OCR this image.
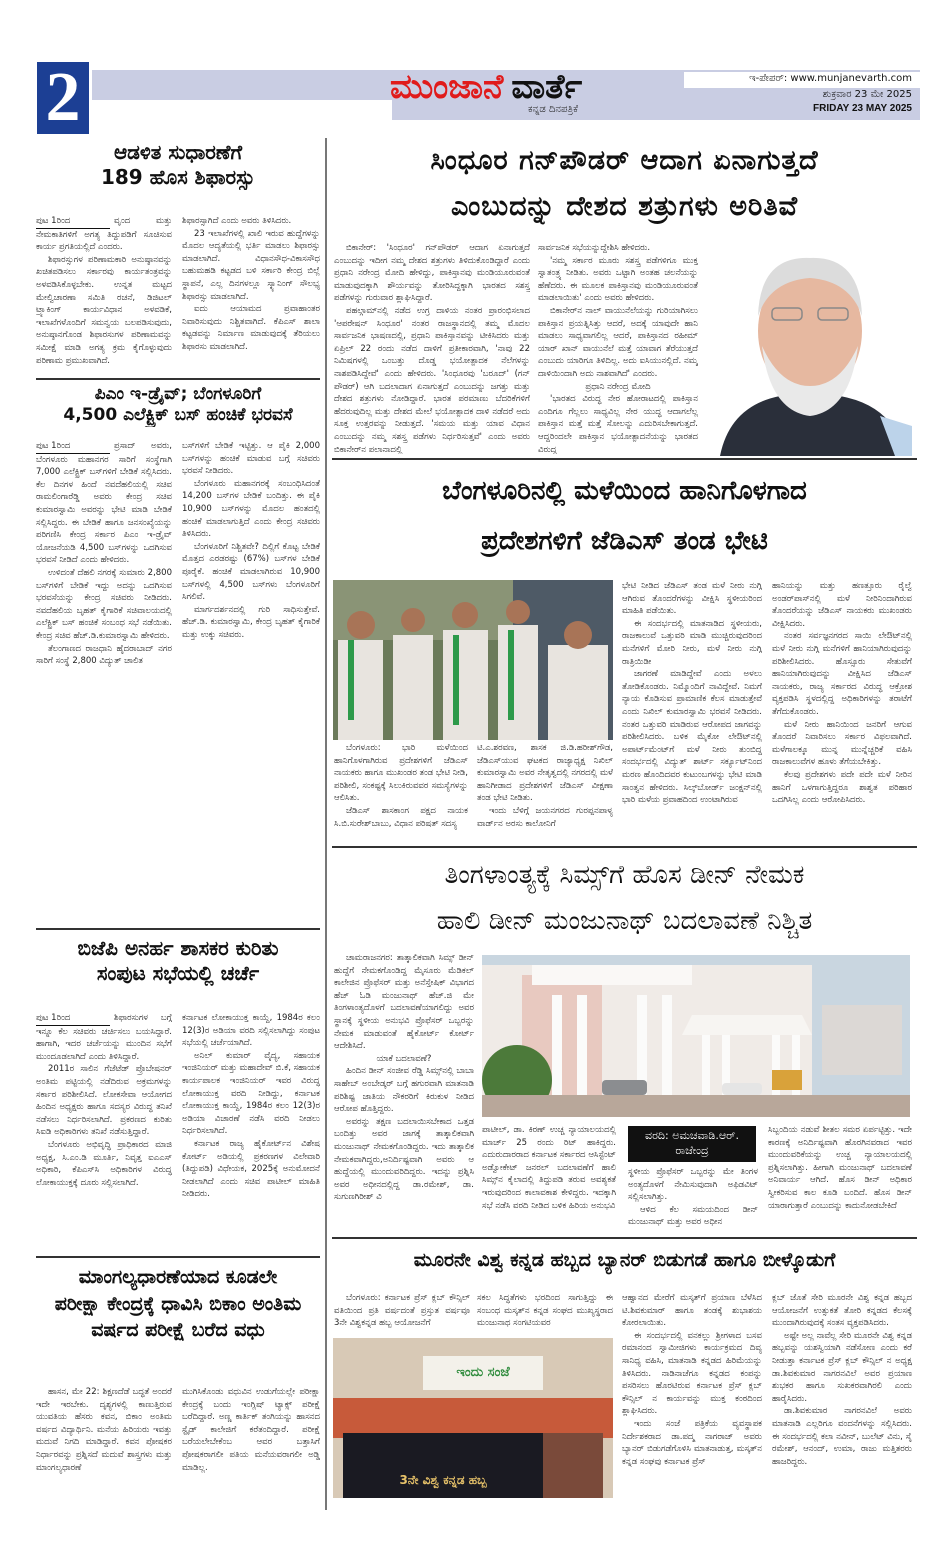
2	ಮುಂಜಾನೆ ವಾರ್ತೆ
ಕನ್ನಡ ದಿನಪತ್ರಿಕೆ
ಇ-ಪೇಪರ್: www.munjanevarth.com
ಶುಕ್ರವಾರ 23 ಮೇ 2025
FRIDAY 23 MAY 2025
ಆಡಳಿತ ಸುಧಾರಣೆಗೆ
189 ಹೊಸ ಶಿಫಾರಸ್ಸು

ಪುಟ 1ರಿಂದ	ವೃಂದ ಮತ್ತು ನೇಮಕಾತಿಗಳಿಗೆ ಅಗತ್ಯ ತಿದ್ದುಪಡಿಗೆ ಸೂಚಿಸುವ ಕಾರ್ಯ ಪ್ರಗತಿಯಲ್ಲಿದೆ ಎಂದರು.

ಶಿಫಾರಸ್ಸುಗಳ ಪರಿಣಾಮಕಾರಿ ಅನುಷ್ಠಾನವನ್ನು ಖಚಿತಪಡಿಸಲು ಸರ್ಕಾರವು ಕಾರ್ಯತಂತ್ರವನ್ನು ಅಳವಡಿಸಿಕೊಳ್ಳಬೇಕು. ಉನ್ನತ ಮಟ್ಟದ ಮೇಲ್ವಿಚಾರಣಾ ಸಮಿತಿ ರಚನೆ, ಡಿಜಿಟಲ್ ಟ್ರ್ಯಾಕಿಂಗ್ ಕಾರ್ಯವಿಧಾನ ಅಳವಡಿಕೆ, ಇಲಾಖೆಗಳೊಂದಿಗೆ ಸಮನ್ವಯ ಬಲಪಡಿಸುವುದು, ಅನುಷ್ಠಾನಗೊಂಡ ಶಿಫಾರಸುಗಳ ಪರಿಣಾಮವನ್ನು ಸಮೀಕ್ಷೆ ಮಾಡಿ ಅಗತ್ಯ ಕ್ರಮ ಕೈಗೊಳ್ಳುವುದು ಪರಿಣಾಮ ಪ್ರಮುಖವಾಗಿದೆ.

ಶಿಫಾರಸ್ಸಾಗಿದೆ ಎಂದು ಅವರು ತಿಳಿಸಿದರು.

23 ಇಲಾಖೆಗಳಲ್ಲಿ ಖಾಲಿ ಇರುವ ಹುದ್ದೆಗಳನ್ನು ಮೊದಲ ಆದ್ಯತೆಯಲ್ಲಿ ಭರ್ತಿ ಮಾಡಲು ಶಿಫಾರಸ್ಸು ಮಾಡಲಾಗಿದೆ. ವಿಧಾನಸೌಧ-ವಿಕಾಸಸೌಧ ಬಹುಮಹಡಿ ಕಟ್ಟಡದ ಬಳಿ ಸರ್ಕಾರಿ ಕೇಂದ್ರ ಬಿಲ್ಲೆ ಸ್ಥಾಪನೆ, ಎಲ್ಲ ದಿನಗಳಲ್ಲೂ ಸ್ಕ್ಯಾನಿಂಗ್ ಸೌಲಭ್ಯ ಶಿಫಾರಸ್ಸು ಮಾಡಲಾಗಿದೆ.

ಐದು ಆಯಾಮದ ಪ್ರವಾಹಾಂತರ ನಿವಾರಿಸುವುದು ನಿಶ್ಚಿತವಾಗಿದೆ. ಕೆಪಿಎಸ್ ಶಾಲಾ ಕಟ್ಟಡವನ್ನು ನಿರ್ಮಾಣ ಮಾಡುವುದಕ್ಕೆ ತೆರಿಯಲು ಶಿಫಾರಸು ಮಾಡಲಾಗಿದೆ.

ಪಿಎಂ ಇ-ಡ್ರೈವ್; ಬೆಂಗಳೂರಿಗೆ
4,500 ಎಲೆಕ್ಟ್ರಿಕ್ ಬಸ್ ಹಂಚಿಕೆ ಭರವಸೆ

ಪುಟ 1ರಿಂದ	ಪ್ರಸಾದ್ ಅವರು, ಬೆಂಗಳೂರು ಮಹಾನಗರ ಸಾರಿಗೆ ಸಂಸ್ಥೆಗಾಗಿ 7,000 ಎಲೆಕ್ಟ್ರಿಕ್ ಬಸ್‌ಗಳಿಗೆ ಬೇಡಿಕೆ ಸಲ್ಲಿಸಿದರು. ಕೆಲ ದಿನಗಳ ಹಿಂದೆ ನವದೆಹಲಿಯಲ್ಲಿ ಸಚಿವ ರಾಮಲಿಂಗಾರೆಡ್ಡಿ ಅವರು ಕೇಂದ್ರ ಸಚಿವ ಕುಮಾರಸ್ವಾಮಿ ಅವರನ್ನು ಭೇಟಿ ಮಾಡಿ ಬೇಡಿಕೆ ಸಲ್ಲಿಸಿದ್ದರು. ಈ ಬೇಡಿಕೆ ಹಾಗೂ ಜನಸಂಖ್ಯೆಯನ್ನು ಪರಿಗಣಿಸಿ ಕೇಂದ್ರ ಸರ್ಕಾರ ಪಿಎಂ ಇ-ಡ್ರೈವ್ ಯೋಜನೆಯಡಿ 4,500 ಬಸ್‌ಗಳನ್ನು ಒದಗಿಸುವ ಭರವಸೆ ನೀಡಿದೆ ಎಂದು ಹೇಳಿದರು.

ಉಳಿದಂತೆ ದೆಹಲಿ ನಗರಕ್ಕೆ ಸುಮಾರು 2,800 ಬಸ್‌ಗಳಿಗೆ ಬೇಡಿಕೆ ಇದ್ದು ಅದನ್ನು ಒದಗಿಸುವ ಭರವಸೆಯನ್ನು ಕೇಂದ್ರ ಸಚಿವರು ನೀಡಿದರು. ನವದೆಹಲಿಯ ಬೃಹತ್ ಕೈಗಾರಿಕೆ ಸಚಿವಾಲಯದಲ್ಲಿ ಎಲೆಕ್ಟ್ರಿಕ್ ಬಸ್ ಹಂಚಿಕೆ ಸಂಬಂಧ ಸಭೆ ನಡೆಯಿತು. ಕೇಂದ್ರ ಸಚಿವ ಹೆಚ್.ಡಿ.ಕುಮಾರಸ್ವಾಮಿ ಹೇಳಿದರು.

ತೆಲಂಗಾಣದ ರಾಜಧಾನಿ ಹೈದರಾಬಾದ್ ನಗರ ಸಾರಿಗೆ ಸಂಸ್ಥೆ 2,800 ವಿದ್ಯುತ್ ಚಾಲಿತ

ಬಸ್‌ಗಳಿಗೆ ಬೇಡಿಕೆ ಇಟ್ಟಿತ್ತು. ಆ ಪೈಕಿ 2,000 ಬಸ್‌ಗಳನ್ನು ಹಂಚಿಕೆ ಮಾಡುವ ಬಗ್ಗೆ ಸಚಿವರು ಭರವಸೆ ನೀಡಿದರು.

ಬೆಂಗಳೂರು ಮಹಾನಗರಕ್ಕೆ ಸಂಬಂಧಿಸಿದಂತೆ 14,200 ಬಸ್‌ಗಳ ಬೇಡಿಕೆ ಬಂದಿತ್ತು. ಈ ಪೈಕಿ 10,900 ಬಸ್‌ಗಳನ್ನು ಮೊದಲ ಹಂತದಲ್ಲಿ ಹಂಚಿಕೆ ಮಾಡಲಾಗುತ್ತಿದೆ ಎಂದು ಕೇಂದ್ರ ಸಚಿವರು ತಿಳಿಸಿದರು.

ಬೆಂಗಳೂರಿಗೆ ನಿಶ್ಚಿತವೇ? ದಿಲ್ಲಿಗೆ ಕೊಟ್ಟ ಬೇಡಿಕೆ ಮೊತ್ತದ ಎರಡರಷ್ಟು (67%) ಬಸ್‌ಗಳ ಬೇಡಿಕೆ ಪೂರೈಕೆ. ಹಂಚಿಕೆ ಮಾಡಲಾಗಿರುವ 10,900 ಬಸ್‌ಗಳಲ್ಲಿ 4,500 ಬಸ್‌ಗಳು ಬೆಂಗಳೂರಿಗೆ ಸಿಗಲಿವೆ.

ಮಾರ್ಗದರ್ಶನದಲ್ಲಿ ಗುರಿ ಸಾಧಿಸುತ್ತೇವೆ. ಹೆಚ್.ಡಿ. ಕುಮಾರಸ್ವಾಮಿ, ಕೇಂದ್ರ ಬೃಹತ್ ಕೈಗಾರಿಕೆ ಮತ್ತು ಉಕ್ಕು ಸಚಿವರು.

ಬಿಜೆಪಿ ಅನರ್ಹ ಶಾಸಕರ ಕುರಿತು
ಸಂಪುಟ ಸಭೆಯಲ್ಲಿ ಚರ್ಚೆ

ಪುಟ 1ರಿಂದ	ಶಿಫಾರಸುಗಳ ಬಗ್ಗೆ ಇನ್ನೂ ಕೆಲ ಸಚಿವರು ಚರ್ಚಿಸಲು ಬಯಸಿದ್ದಾರೆ. ಹಾಗಾಗಿ, ಇದರ ಚರ್ಚೆಯನ್ನು ಮುಂದಿನ ಸಭೆಗೆ ಮುಂದೂಡಲಾಗಿದೆ ಎಂದು ತಿಳಿಸಿದ್ದಾರೆ.

2011ರ ಸಾಲಿನ ಗೆಜೆಟೆಡ್ ಪ್ರೊಬೇಷನರ್ ಅಂತಿಮ ಪಟ್ಟಿಯಲ್ಲಿ ನಡೆದಿರುವ ಅಕ್ರಮಗಳನ್ನು ಸರ್ಕಾರ ಪರಿಶೀಲಿಸಿದೆ. ಲೋಕಸೇವಾ ಆಯೋಗದ ಹಿಂದಿನ ಅಧ್ಯಕ್ಷರು ಹಾಗೂ ಸದಸ್ಯರ ವಿರುದ್ಧ ತನಿಖೆ ನಡೆಸಲು ನಿರ್ಧರಿಸಲಾಗಿದೆ. ಪ್ರಕರಣದ ಕುರಿತು ಸಿಐಡಿ ಅಧಿಕಾರಿಗಳು ತನಿಖೆ ನಡೆಸುತ್ತಿದ್ದಾರೆ.

ಬೆಂಗಳೂರು ಅಭಿವೃದ್ಧಿ ಪ್ರಾಧಿಕಾರದ ಮಾಜಿ ಅಧ್ಯಕ್ಷ, ಸಿ.ಎಂ.ಡಿ ಮೂರ್ತಿ, ನಿವೃತ್ತ ಐಎಎಸ್ ಅಧಿಕಾರಿ, ಕೆಪಿಎಸ್‌ಸಿ ಅಧಿಕಾರಿಗಳ ವಿರುದ್ಧ ಲೋಕಾಯುಕ್ತಕ್ಕೆ ದೂರು ಸಲ್ಲಿಸಲಾಗಿದೆ.

ಕರ್ನಾಟಕ ಲೋಕಾಯುಕ್ತ ಕಾಯ್ದೆ, 1984ರ ಕಲಂ 12(3)ರ ಅಡಿಯಾ ವರದಿ ಸಲ್ಲಿಸಲಾಗಿದ್ದು ಸಂಪುಟ ಸಭೆಯಲ್ಲಿ ಚರ್ಚೆಯಾಗಿದೆ.

ಅನಿಲ್ ಕುಮಾರ್ ವೈದ್ಯ, ಸಹಾಯಕ ಇಂಜಿನಿಯರ್ ಮತ್ತು ಮಹಾದೇವ್ ಬಿ.ಕೆ, ಸಹಾಯಕ ಕಾರ್ಯಪಾಲಕ ಇಂಜಿನಿಯರ್ ಇವರ ವಿರುದ್ಧ ಲೋಕಾಯುಕ್ತ ವರದಿ ನೀಡಿದ್ದು, ಕರ್ನಾಟಕ ಲೋಕಾಯುಕ್ತ ಕಾಯ್ದೆ, 1984ರ ಕಲಂ 12(3)ರ ಅಡಿಯಾ ವಿಚಾರಣೆ ನಡೆಸಿ ವರದಿ ನೀಡಲು ನಿರ್ಧರಿಸಲಾಗಿದೆ.

ಕರ್ನಾಟಕ ರಾಜ್ಯ ಹೈಕೋರ್ಟ್‌ನ ವಿಶೇಷ ಕೋರ್ಟ್ ಅಡಿಯಲ್ಲಿ ಪ್ರಕರಣಗಳ ವಿಲೇವಾರಿ (ತಿದ್ದುಪಡಿ) ವಿಧೇಯಕ, 2025ಕ್ಕೆ ಅನುಮೋದನೆ ನೀಡಲಾಗಿದೆ ಎಂದು ಸಚಿವ ಪಾಟೀಲ್ ಮಾಹಿತಿ ನೀಡಿದರು.

ಮಾಂಗಲ್ಯಧಾರಣೆಯಾದ ಕೂಡಲೇ
ಪರೀಕ್ಷಾ ಕೇಂದ್ರಕ್ಕೆ ಧಾವಿಸಿ ಬಿಕಾಂ ಅಂತಿಮ
ವರ್ಷದ ಪರೀಕ್ಷೆ ಬರೆದ ವಧು

ಹಾಸನ, ಮೇ 22: ಶಿಕ್ಷಣದೆಡೆ ಬದ್ಧತೆ ಅಂದರೆ ಇದೇ ಇರಬೇಕು. ದೃಶ್ಯಗಳಲ್ಲಿ ಕಾಣುತ್ತಿರುವ ಯುವತಿಯ ಹೆಸರು ಕವನ, ಬಿಕಾಂ ಅಂತಿಮ ವರ್ಷದ ವಿದ್ಯಾರ್ಥಿನಿ. ಮನೆಯ ಹಿರಿಯರು ಇವತ್ತು ಮದುವೆ ನಿಗದಿ ಮಾಡಿದ್ದಾರೆ. ಕವನ ಪೋಷಕರ ನಿರ್ಧಾರವನ್ನು ಪ್ರಶ್ನಿಸದೆ ಮದುವೆ ಶಾಸ್ತ್ರಗಳು ಮತ್ತು ಮಾಂಗಲ್ಯಧಾರಣೆ

ಮುಗಿಸಿಕೊಂಡು ವಧುವಿನ ಉಡುಗೆಯಲ್ಲೇ ಪರೀಕ್ಷಾ ಕೇಂದ್ರಕ್ಕೆ ಬಂದು ಇಂಗ್ಲಿಷ್ ಟ್ಯಾಕ್ಸ್ ಪರೀಕ್ಷೆ ಬರೆದಿದ್ದಾರೆ. ಅಣ್ಣ ಕಾರ್ತಿಕ್ ತಂಗಿಯನ್ನು ಹಾಸನದ ಸ್ಟೈಡ್ ಕಾಲೇಜಿಗೆ ಕರೆತಂದಿದ್ದಾರೆ. ಪರೀಕ್ಷೆ ಬರೆಯಲೇಬೇಕೆಂಬ ಆವರ ಬತ್ತಾಸಿಗೆ ಪೋಷಕರಾಗಲೀ ಪತಿಯ ಮನೆಯವರಾಗಲೀ ಅಡ್ಡಿ ಮಾಡಿಲ್ಲ.

ಸಿಂಧೂರ ಗನ್‌ಪೌಡರ್ ಆದಾಗ ಏನಾಗುತ್ತದೆ
ಎಂಬುದನ್ನು ದೇಶದ ಶತ್ರುಗಳು ಅರಿತಿವೆ

ಬಿಕಾನೇರ್: 'ಸಿಂಧೂರ' ಗನ್‌ಪೌಡರ್ ಆದಾಗ ಏನಾಗುತ್ತದೆ ಎಂಬುದನ್ನು ಇದೀಗ ನಮ್ಮ ದೇಶದ ಶತ್ರುಗಳು ತಿಳಿದುಕೊಂಡಿದ್ದಾರೆ ಎಂದು ಪ್ರಧಾನಿ ನರೇಂದ್ರ ಮೋದಿ ಹೇಳಿದ್ದು, ಪಾಕಿಸ್ತಾನವು ಮಂಡಿಯೂರುವಂತೆ ಮಾಡುವುದಕ್ಕಾಗಿ ಶೌರ್ಯವನ್ನು ತೋರಿಸಿದ್ದಕ್ಕಾಗಿ ಭಾರತದ ಸಶಸ್ತ್ರ ಪಡೆಗಳನ್ನು ಗುರುವಾರ ಶ್ಲಾಘಿಸಿದ್ದಾರೆ.

ಪಹಲ್ಗಾಮ್‌ನಲ್ಲಿ ನಡೆದ ಉಗ್ರ ದಾಳಿಯ ನಂತರ ಪ್ರಾರಂಭಿಸಲಾದ 'ಆಪರೇಷನ್ ಸಿಂಧೂರ' ನಂತರ ರಾಜಸ್ಥಾನದಲ್ಲಿ ತಮ್ಮ ಮೊದಲ ಸಾರ್ವಜನಿಕ ಭಾಷಣದಲ್ಲಿ, ಪ್ರಧಾನಿ ಪಾಕಿಸ್ತಾನವನ್ನು ಟೀಕಿಸಿದರು ಮತ್ತು ಏಪ್ರಿಲ್ 22 ರಂದು ನಡೆದ ದಾಳಿಗೆ ಪ್ರತೀಕಾರವಾಗಿ, 'ನಾವು 22 ನಿಮಿಷಗಳಲ್ಲಿ ಒಂಬತ್ತು ದೊಡ್ಡ ಭಯೋತ್ಪಾದಕ ನೆಲೆಗಳನ್ನು ನಾಶಪಡಿಸಿದ್ದೇವೆ' ಎಂದು ಹೇಳಿದರು. 'ಸಿಂಧೂರವು 'ಬರೂದ್' (ಗನ್ ಪೌಡರ್) ಆಗಿ ಬದಲಾದಾಗ ಏನಾಗುತ್ತದೆ ಎಂಬುದನ್ನು ಜಗತ್ತು ಮತ್ತು ದೇಶದ ಶತ್ರುಗಳು ನೋಡಿದ್ದಾರೆ. ಭಾರತ ಪರಮಾಣು ಬೆದರಿಕೆಗಳಿಗೆ ಹೆದರುವುದಿಲ್ಲ ಮತ್ತು ದೇಶದ ಮೇಲೆ ಭಯೋತ್ಪಾದಕ ದಾಳಿ ನಡೆದರೆ ಅದು ಸೂಕ್ತ ಉತ್ತರವನ್ನು ನೀಡುತ್ತದೆ. 'ಸಮಯ ಮತ್ತು ಯಾವ ವಿಧಾನ ಎಂಬುದನ್ನು ನಮ್ಮ ಸಶಸ್ತ್ರ ಪಡೆಗಳು ನಿರ್ಧರಿಸುತ್ತವೆ' ಎಂದು ಅವರು ಬಿಕಾನೇರ್‌ನ ಪಲಾನಾದಲ್ಲಿ

ಸಾರ್ವಜನಿಕ ಸಭೆಯನ್ನುದ್ದೇಶಿಸಿ ಹೇಳಿದರು.

'ನಮ್ಮ ಸರ್ಕಾರ ಮೂರು ಸಶಸ್ತ್ರ ಪಡೆಗಳಿಗೂ ಮುಕ್ತ ಸ್ವಾತಂತ್ರ್ಯ ನೀಡಿತು. ಅವರು ಒಟ್ಟಾಗಿ ಅಂತಹ ಚಲನೆಯನ್ನು ಹೆಣೆದರು. ಈ ಮೂಲಕ ಪಾಕಿಸ್ತಾನವು ಮಂಡಿಯೂರುವಂತೆ ಮಾಡಲಾಯಿತು' ಎಂದು ಅವರು ಹೇಳಿದರು.

ಬಿಕಾನೇರ್‌ನ ನಾಲ್ ವಾಯುನೆಲೆಯನ್ನು ಗುರಿಯಾಗಿಸಲು ಪಾಕಿಸ್ತಾನ ಪ್ರಯತ್ನಿಸಿತ್ತು ಆದರೆ, ಅದಕ್ಕೆ ಯಾವುದೇ ಹಾನಿ ಮಾಡಲು ಸಾಧ್ಯವಾಗಲಿಲ್ಲ ಆದರೆ, ಪಾಕಿಸ್ತಾನದ ರಹೀಮ್ ಯಾರ್ ಖಾನ್ ವಾಯುನೆಲೆ ಮತ್ತೆ ಯಾವಾಗ ತೆರೆಯುತ್ತದೆ ಎಂಬುದು ಯಾರಿಗೂ ತಿಳಿದಿಲ್ಲ. ಅದು ಐಸಿಯುನಲ್ಲಿದೆ. ನಮ್ಮ ದಾಳಿಯಿಂದಾಗಿ ಅದು ನಾಶವಾಗಿದೆ' ಎಂದರು.

ಪ್ರಧಾನಿ ನರೇಂದ್ರ ಮೋದಿ

'ಭಾರತದ ವಿರುದ್ಧ ನೇರ ಹೋರಾಟದಲ್ಲಿ ಪಾಕಿಸ್ತಾನ ಎಂದಿಗೂ ಗೆಲ್ಲಲು ಸಾಧ್ಯವಿಲ್ಲ ನೇರ ಯುದ್ಧ ಆದಾಗಲೆಲ್ಲ ಪಾಕಿಸ್ತಾನ ಮತ್ತೆ ಮತ್ತೆ ಸೋಲನ್ನು ಎದುರಿಸಬೇಕಾಗುತ್ತದೆ. ಆದ್ದರಿಂದಲೇ ಪಾಕಿಸ್ತಾನ ಭಯೋತ್ಪಾದನೆಯನ್ನು ಭಾರತದ ವಿರುದ್ಧ

ಬೆಂಗಳೂರಿನಲ್ಲಿ ಮಳೆಯಿಂದ ಹಾನಿಗೊಳಗಾದ
ಪ್ರದೇಶಗಳಿಗೆ ಜೆಡಿಎಸ್ ತಂಡ ಭೇಟಿ

ಬೆಂಗಳೂರು: ಭಾರಿ ಮಳೆಯಿಂದ ಹಾನಿಗೊಳಗಾಗಿರುವ ಪ್ರದೇಶಗಳಿಗೆ ಜೆಡಿಎಸ್ ನಾಯಕರು ಹಾಗೂ ಮುಖಂಡರ ತಂಡ ಭೇಟಿ ನೀಡಿ, ಪರಿಶೀಲಿ, ಸಂಕಷ್ಟಕ್ಕೆ ಸಿಲುಕಿರುವವರ ಸಮಸ್ಯೆಗಳನ್ನು ಆಲಿಸಿತು.

ಜೆಡಿಎಸ್ ಶಾಸಕಾಂಗ ಪಕ್ಷದ ನಾಯಕ ಸಿ.ಬಿ.ಸುರೇಶ್‌ಬಾಬು, ವಿಧಾನ ಪರಿಷತ್ ಸದಸ್ಯ

ಟಿ.ಎ.ಶರವಣ, ಶಾಸಕ ಜಿ.ಡಿ.ಹರೀಶ್‌ಗೌಡ, ಜೆಡಿಎಸ್‌ಯುವ ಘಟಕದ ರಾಜ್ಯಾಧ್ಯಕ್ಷ ನಿಖಿಲ್ ಕುಮಾರಸ್ವಾಮಿ ಅವರ ನೇತೃತ್ವದಲ್ಲಿ ನಗರದಲ್ಲಿ ಮಳೆ ಹಾನಿಗೀಡಾದ ಪ್ರದೇಶಗಳಿಗೆ ಜೆಡಿಎಸ್ ವೀಕ್ಷಣಾ ತಂಡ ಭೇಟಿ ನೀಡಿತು.

ಇಂದು ಬೆಳಿಗ್ಗೆ ಜಯನಗರದ ಗುರಪ್ಪನಪಾಳ್ಯ ವಾರ್ಡ್‌ನ ಅರಸು ಕಾಲೋನಿಗೆ

ಭೇಟಿ ನೀಡಿದ ಜೆಡಿಎಸ್ ತಂಡ ಮಳೆ ನೀರು ನುಗ್ಗಿ ಆಗಿರುವ ತೊಂದರೆಗಳನ್ನು ವೀಕ್ಷಿಸಿ ಸ್ಥಳೀಯರಿಂದ ಮಾಹಿತಿ ಪಡೆಯಿತು.

ಈ ಸಂದರ್ಭದಲ್ಲಿ ಮಾತನಾಡಿದ ಸ್ಥಳೀಯರು, ರಾಜಕಾಲುವೆ ಒತ್ತುವರಿ ಮಾಡಿ ಮುಚ್ಚಿರುವುದರಿಂದ ಮನೆಗಳಿಗೆ ಮೋರಿ ನೀರು, ಮಳೆ ನೀರು ನುಗ್ಗಿ ರಾತ್ರಿಯಿಡೀ

ಜಾಗರಣೆ ಮಾಡಿದ್ದೇವೆ ಎಂದು ಅಳಲು ತೋಡಿಕೊಂಡರು. ನಿಮ್ಮೊಂದಿಗೆ ನಾವಿದ್ದೇವೆ. ನಿಮಗೆ ನ್ಯಾಯ ಕೊಡಿಸುವ ಪ್ರಾಮಾಣಿಕ ಕೆಲಸ ಮಾಡುತ್ತೇವೆ ಎಂದು ನಿಖಿಲ್ ಕುಮಾರಸ್ವಾಮಿ ಭರವಸೆ ನೀಡಿದರು. ನಂತರ ಒತ್ತುವರಿ ಮಾಡಿರುವ ಆರೋಪದ ಜಾಗವನ್ನು ಪರಿಶೀಲಿಸಿದರು. ಬಳಿಕ ಮೈಕೋ ಲೇಔಟ್‌ನಲ್ಲಿ ಅಪಾರ್ಟ್‌ಮೆಂಟ್‌ಗೆ ಮಳೆ ನೀರು ತುಂಬಿದ್ದ ಸಂದರ್ಭದಲ್ಲಿ ವಿದ್ಯುತ್ ಶಾರ್ಟ್ ಸರ್ಕ್ಯೂಟ್‌ನಿಂದ ಮರಣ ಹೊಂದಿದವರ ಕುಟುಂಬಗಳನ್ನು ಭೇಟಿ ಮಾಡಿ ಸಾಂತ್ವನ ಹೇಳಿದರು. ಸಿಲ್ಕ್‌ಬೋರ್ಡ್ ಜಂಕ್ಷನ್‌ನಲ್ಲಿ ಭಾರಿ ಮಳೆಯ ಪ್ರವಾಹದಿಂದ ಉಂಟಾಗಿರುವ

ಹಾನಿಯನ್ನು ಮತ್ತು ಹಣತ್ತೂರು ರೈಲ್ವೆ ಅಂಡರ್‌ಪಾಸ್‌ನಲ್ಲಿ ಮಳೆ ನೀರಿನಿಂದಾಗಿರುವ ತೊಂದರೆಯನ್ನು ಜೆಡಿಎಸ್ ನಾಯಕರು ಮುಖಂಡರು ವೀಕ್ಷಿಸಿದರು.

ನಂತರ ಸರ್ವಜ್ಞನಗರದ ಸಾಯಿ ಲೇಔಟ್‌ನಲ್ಲಿ ಮಳೆ ನೀರು ನುಗ್ಗಿ ಮನೆಗಳಿಗೆ ಹಾನಿಯಾಗಿರುವುದನ್ನು ಪರಿಶೀಲಿಸಿದರು. ಹೊಸ್ಸೂರು ಸೇತುವೆಗೆ ಹಾನಿಯಾಗಿರುವುದನ್ನು ವೀಕ್ಷಿಸಿದ ಜೆಡಿಎಸ್ ನಾಯಕರು, ರಾಜ್ಯ ಸರ್ಕಾರದ ವಿರುದ್ಧ ಆಕ್ರೋಶ ವ್ಯಕ್ತಪಡಿಸಿ ಸ್ಥಳದಲ್ಲಿದ್ದ ಅಧಿಕಾರಿಗಳನ್ನು ತರಾಟೆಗೆ ತೆಗೆದುಕೊಂಡರು.

ಮಳೆ ನೀರು ಹಾನಿಯಿಂದ ಜನರಿಗೆ ಆಗುವ ತೊಂದರೆ ನಿವಾರಿಸಲು ಸರ್ಕಾರ ವಿಫಲವಾಗಿದೆ. ಮಳೆಗಾಲಕ್ಕೂ ಮುನ್ನ ಮುನ್ನೆಚ್ಚರಿಕೆ ವಹಿಸಿ ರಾಜಕಾಲುವೆಗಳ ಹೂಳು ತೆಗೆಯಬೇಕಿತ್ತು.

ಕೆಲವು ಪ್ರದೇಶಗಳು ಪದೇ ಪದೇ ಮಳೆ ನೀರಿನ ಹಾನಿಗೆ ಒಳಗಾಗುತ್ತಿದ್ದರೂ ಶಾಶ್ವತ ಪರಿಹಾರ ಒದಗಿಸಿಲ್ಲ ಎಂದು ಆರೋಪಿಸಿದರು.

ತಿಂಗಳಾಂತ್ಯಕ್ಕೆ ಸಿಮ್ಸ್‌ಗೆ ಹೊಸ ಡೀನ್ ನೇಮಕ
ಹಾಲಿ ಡೀನ್ ಮಂಜುನಾಥ್ ಬದಲಾವಣೆ ನಿಶ್ಚಿತ

ಚಾಮರಾಜನಗರ: ತಾತ್ಕಾಲಿಕವಾಗಿ ಸಿಮ್ಸ್ ಡೀನ್ ಹುದ್ದೆಗೆ ನೇಮಕಗೊಂಡಿದ್ದ ಮೈಸೂರು ಮೆಡಿಕಲ್ ಕಾಲೇಜಿನ ಪ್ರೊಫೆಸರ್ ಮತ್ತು ಅನೆಸ್ತೇಷಿಕ್ ವಿಭಾಗದ ಹೆಚ್ ಓಡಿ ಮಂಜುನಾಥ್ ಹೆಚ್.ಜಿ ಮೇ ತಿಂಗಳಾಂತ್ಯದೊಳಗೆ ಬದಲಾವಣೆಯಾಗಲಿದ್ದು ಅವರ ಸ್ಥಾನಕ್ಕೆ ಸ್ಥಳೀಯ ಅನುಭವಿ ಪ್ರೊಫೆಸರ್ ಒಬ್ಬರನ್ನು ನೇಮಕ ಮಾಡುವಂತೆ ಹೈಕೋರ್ಟ್ ಕೋರ್ಟ್ ಆದೇಶಿಸಿದೆ.

ಯಾಕೆ ಬದಲಾವಣೆ?

ಹಿಂದಿನ ಡೀನ್ ಸಂಜೀವ ರೆಡ್ಡಿ ಸಿಮ್ಸ್‌ನಲ್ಲಿ ಬಾಬಾ ಸಾಹೇಬ್ ಅಂಬೇಡ್ಕರ್ ಬಗ್ಗೆ ಹಗುರವಾಗಿ ಮಾತನಾಡಿ ಪರಿಶಿಷ್ಟ ಜಾತಿಯ ನೌಕರರಿಗೆ ಕಿರುಕುಳ ನೀಡಿದ ಆರೋಪ ಹೊತ್ತಿದ್ದರು.

ಅವರನ್ನು ತಕ್ಷಣ ಬದಲಾಯಿಸಬೇಕಾದ ಒತ್ತಡ ಬಂದಿತ್ತು ಅವರ ಜಾಗಕ್ಕೆ ತಾತ್ಕಾಲಿಕವಾಗಿ ಮಂಜುನಾಥ್ ನೇಮಕಗೊಂಡಿದ್ದರು. ಇದು ತಾತ್ಕಾಲಿಕ ನೇಮಕವಾಗಿದ್ದರು,ಅನಿರ್ದಿಷ್ಟವಾಗಿ ಅವರು ಆ ಹುದ್ದೆಯಲ್ಲಿ ಮುಂದುವರಿದಿದ್ದರು. ಇದನ್ನು ಪ್ರಶ್ನಿಸಿ ಅವರ ಅಧೀನದಲ್ಲಿದ್ದ ಡಾ.ರಮೇಶ್, ಡಾ. ಸುಗುಣಗಿರೀಶ್ ವಿ

ಪಾಟೀಲ್, ಡಾ. ಕಿರಣ್ ಉಚ್ಚ ನ್ಯಾಯಾಲಯದಲ್ಲಿ ಮಾರ್ಚ್ 25 ರಂದು ರಿಟ್ ಹಾಕಿದ್ದರು. ಎದುರುದಾರರಾದ ಕರ್ನಾಟಕ ಸರ್ಕಾರದ ಆಸಿಸ್ಟೆಂಟ್ ಅಡ್ವೋಕೇಟ್ ಜನರಲ್ ಬದಲಾವಣೆಗೆ ಹಾಲಿ ಸಿಮ್ಸ್‌ನ ಕೈಲಾದಲ್ಲಿ ತಿದ್ದುಪಡಿ ತರುವ ಅವಶ್ಯಕತೆ ಇರುವುದರಿಂದ ಕಾಲಾವಕಾಶ ಕೇಳಿದ್ದರು. ಇದಕ್ಕಾಗಿ ಸಭೆ ನಡೆಸಿ ವರದಿ ನೀಡಿದ ಬಳಿಕ ಹಿರಿಯ ಅನುಭವಿ

ವರದಿ: ಅಮಚವಾಡಿ.ಆರ್. ರಾಜೇಂದ್ರ

ಸ್ಥಳೀಯ ಪ್ರೊಫೆಸರ್ ಒಬ್ಬರನ್ನು ಮೇ ತಿಂಗಳ ಅಂತ್ಯದೊಳಗೆ ನೇಮಿಸುವುದಾಗಿ ಅಫಿಡವಿಟ್ ಸಲ್ಲಿಸಲಾಗಿತ್ತು.

ಆಳಿದ ಕೆಲ ಸಮಯದಿಂದ ಡೀನ್ ಮಂಜುನಾಥ್ ಮತ್ತು ಅವರ ಅಧೀನ

ಸಿಬ್ಬಂದಿಯ ನಡುವೆ ಶೀತಲ ಸಮರ ಏರ್ಪಟ್ಟಿತ್ತು. ಇದೇ ಕಾರಣಕ್ಕೆ ಅನಿರ್ದಿಷ್ಟವಾಗಿ ಹೊರಗಿನವರಾದ ಇವರ ಮುಂದುವರಿಕೆಯನ್ನು ಉಚ್ಚ ನ್ಯಾಯಾಲಯದಲ್ಲಿ ಪ್ರಶ್ನಿಸಲಾಗಿತ್ತು. ಹೀಗಾಗಿ ಮಂಜುನಾಥ್ ಬದಲಾವಣೆ ಅನಿವಾರ್ಯ ಆಗಿದೆ. ಹೊಸ ಡೀನ್ ಅಧಿಕಾರ ಸ್ವೀಕರಿಸುವ ಕಾಲ ಕೂಡಿ ಬಂದಿದೆ. ಹೊಸ ಡೀನ್ ಯಾರಾಗುತ್ತಾರೆ ಎಂಬುದನ್ನು ಕಾದುನೋಡಬೇಕಿದೆ

ಮೂರನೇ ವಿಶ್ವ ಕನ್ನಡ ಹಬ್ಬದ ಬ್ಯಾನರ್ ಬಿಡುಗಡೆ ಹಾಗೂ ಬೀಳ್ಕೊಡುಗೆ

ಬೆಂಗಳೂರು: ಕರ್ನಾಟಕ ಪ್ರೆಸ್ ಕ್ಲಬ್ ಕೌನ್ಸಿಲ್ ವತಿಯಿಂದ ಪ್ರತಿ ವರ್ಷದಂತೆ ಪ್ರಸ್ತುತ ವರ್ಷವೂ 3ನೇ ವಿಶ್ವಕನ್ನಡ ಹಬ್ಬ ಆಯೋಜನೆಗೆ

ಸಕಲ ಸಿದ್ಧತೆಗಳು ಭರದಿಂದ ಸಾಗುತ್ತಿದ್ದು ಈ ಸಂಬಂಧ ಮಸ್ಕತ್‌ನ ಕನ್ನಡ ಸಂಘದ ಮುಖ್ಯಸ್ಥರಾದ ಮಂಜುನಾಥ ಸಂಗಟಿಯವರ

ಇಂದು ಸಂಜೆ
3ನೇ ವಿಶ್ವ ಕನ್ನಡ ಹಬ್ಬ

ಆಹ್ವಾನದ ಮೇರೆಗೆ ಮಸ್ಕತ್‌ಗೆ ಪ್ರಯಾಣ ಬೆಳೆಸಿದ ಟಿ.ಶಿವಕುಮಾರ್ ಹಾಗೂ ತಂಡಕ್ಕೆ ಶುಭಾಶಯ ಕೋರಲಾಯಿತು.

ಈ ಸಂದರ್ಭದಲ್ಲಿ ವನಕಲ್ಲು ಶ್ರೀಗಳಾದ ಬಸವ ರಮಾನಂದ ಸ್ವಾಮೀಜಿಗಳು ಕಾರ್ಯಕ್ರಮದ ದಿವ್ಯ ಸಾನಿಧ್ಯ ವಹಿಸಿ, ಮಾತನಾಡಿ ಕನ್ನಡದ ಹಿರಿಮೆಯನ್ನು ತಿಳಿಸಿದರು. ನಾಡಿನಾಚೆಗೂ ಕನ್ನಡದ ಕಂಪನ್ನು ಪಸರಿಸಲು ಹೊರಟಿರುವ ಕರ್ನಾಟಕ ಪ್ರೆಸ್ ಕ್ಲಬ್ ಕೌನ್ಸಿಲ್ ನ ಕಾರ್ಯವನ್ನು ಮುಕ್ತ ಕಂಠದಿಂದ ಶ್ಲಾಘಿಸಿದರು.

ಇಂದು ಸಂಜೆ ಪತ್ರಿಕೆಯ ವ್ಯವಸ್ಥಾಪಕ ನಿರ್ದೇಶಕರಾದ ಡಾ.ಪದ್ಮ ನಾಗರಾಜ್ ಅವರು ಬ್ಯಾನರ್ ಬಿಡುಗಡೆಗೊಳಿಸಿ ಮಾತನಾಡುತ್ತ, ಮಸ್ಕತ್‌ನ ಕನ್ನಡ ಸಂಘವು ಕರ್ನಾಟಕ ಪ್ರೆಸ್

ಕ್ಲಬ್ ಜೊತೆ ಸೇರಿ ಮೂರನೇ ವಿಶ್ವ ಕನ್ನಡ ಹಬ್ಬದ ಆಯೋಜನೆಗೆ ಉತ್ಸುಕತೆ ತೋರಿ ಕನ್ನಡದ ಕೆಲಸಕ್ಕೆ ಮುಂದಾಗಿರುವುದಕ್ಕೆ ಸಂತಸ ವ್ಯಕ್ತಪಡಿಸಿದರು.

ಅಷ್ಟೇ ಅಲ್ಲ ನಾವೆಲ್ಲ ಸೇರಿ ಮೂರನೇ ವಿಶ್ವ ಕನ್ನಡ ಹಬ್ಬವನ್ನು ಯಶಸ್ವಿಯಾಗಿ ನಡೆಸೋಣ ಎಂದು ಕರೆ ನೀಡುತ್ತಾ ಕರ್ನಾಟಕ ಪ್ರೆಸ್ ಕ್ಲಬ್ ಕೌನ್ಸಿಲ್ ನ ಅಧ್ಯಕ್ಷ ಡಾ.ಶಿವಕುಮಾರ ನಾಗರನವಿಲೆ ಅವರ ಪ್ರಯಾಣ ಶುಭಕರ ಹಾಗೂ ಸುಖಕರವಾಗಿರಲಿ ಎಂದು ಹಾರೈಸಿದರು.

ಡಾ.ಶಿವಕುಮಾರ ನಾಗರನವಿಲೆ ಅವರು ಮಾತನಾಡಿ ಎಲ್ಲರಿಗೂ ವಂದನೆಗಳನ್ನು ಸಲ್ಲಿಸಿದರು. ಈ ಸಂದರ್ಭದಲ್ಲಿ ಕಲಾ ನವೀನ್, ಬುಲೆಟ್ ವಿನು, ಸೈ ರಮೇಶ್, ಆನಂದ್, ಉಮಾ, ರಾಜು ಮತ್ತಿತರರು ಹಾಜರಿದ್ದರು.
